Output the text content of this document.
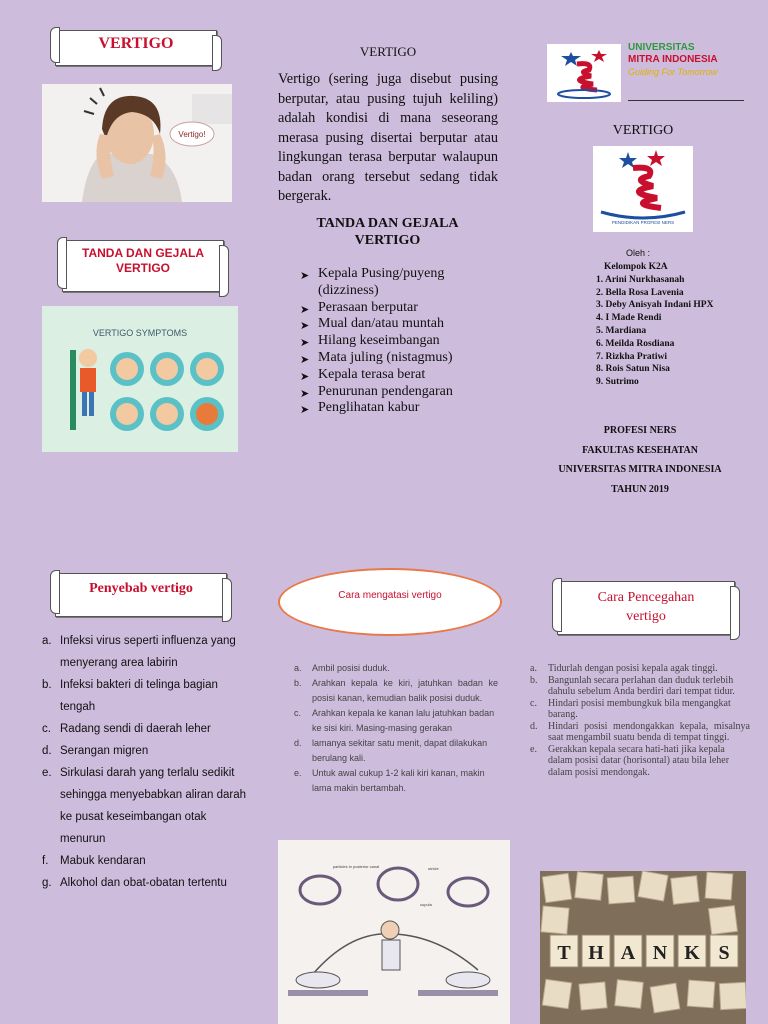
VERTIGO
Vertigo!
TANDA DAN GEJALA VERTIGO
VERTIGO SYMPTOMS
VERTIGO
Vertigo (sering juga disebut pusing berputar, atau pusing tujuh keliling) adalah kondisi di mana seseorang merasa pusing disertai berputar atau lingkungan terasa berputar walaupun badan orang tersebut sedang tidak bergerak.
TANDA DAN GEJALA VERTIGO
➤ Kepala Pusing/puyeng (dizziness)
➤ Perasaan berputar
➤ Mual dan/atau muntah
➤ Hilang keseimbangan
➤ Mata juling (nistagmus)
➤ Kepala terasa berat
➤ Penurunan pendengaran
➤ Penglihatan kabur
UNIVERSITAS
MITRA INDONESIA
Guiding For Tomorrow
VERTIGO
PENDIDIKAN PROFESI NERS
Oleh :
Kelompok K2A
1. Arini Nurkhasanah
2. Bella Rosa Lavenia
3. Deby Anisyah Indani HPX
4. I Made Rendi
5. Mardiana
6. Meilda Rosdiana
7. Rizkha Pratiwi
8. Rois Satun Nisa
9. Sutrimo
PROFESI NERS
FAKULTAS KESEHATAN
UNIVERSITAS MITRA INDONESIA
TAHUN 2019
Penyebab vertigo
a. Infeksi virus seperti influenza yang menyerang area labirin
b. Infeksi bakteri di telinga bagian tengah
c. Radang sendi di daerah leher
d. Serangan migren
e. Sirkulasi darah yang terlalu sedikit sehingga menyebabkan aliran darah ke pusat keseimbangan otak menurun
f.	Mabuk kendaran
g. Alkohol dan obat-obatan tertentu
Cara mengatasi vertigo
a.	Ambil posisi duduk.
b.	Arahkan kepala ke kiri, jatuhkan badan ke posisi kanan, kemudian balik posisi duduk.
c.	Arahkan kepala ke kanan lalu jatuhkan badan ke sisi kiri. Masing-masing gerakan
d.	lamanya sekitar satu menit, dapat dilakukan berulang kali.
e.	Untuk awal cukup 1-2 kali kiri kanan, makin lama makin bertambah.
particles in posterior canal	utricle
cupula
Cara Pencegahan vertigo
a.	Tidurlah dengan posisi kepala agak tinggi.
b.	Bangunlah secara perlahan dan duduk terlebih dahulu sebelum Anda berdiri dari tempat tidur.
c.	Hindari posisi membungkuk bila mengangkat barang.
d.	Hindari posisi mendongakkan kepala, misalnya saat mengambil suatu benda di tempat tinggi.
e.	Gerakkan kepala secara hati-hati jika kepala dalam posisi datar (horisontal) atau bila leher dalam posisi mendongak.
T H A N K S
